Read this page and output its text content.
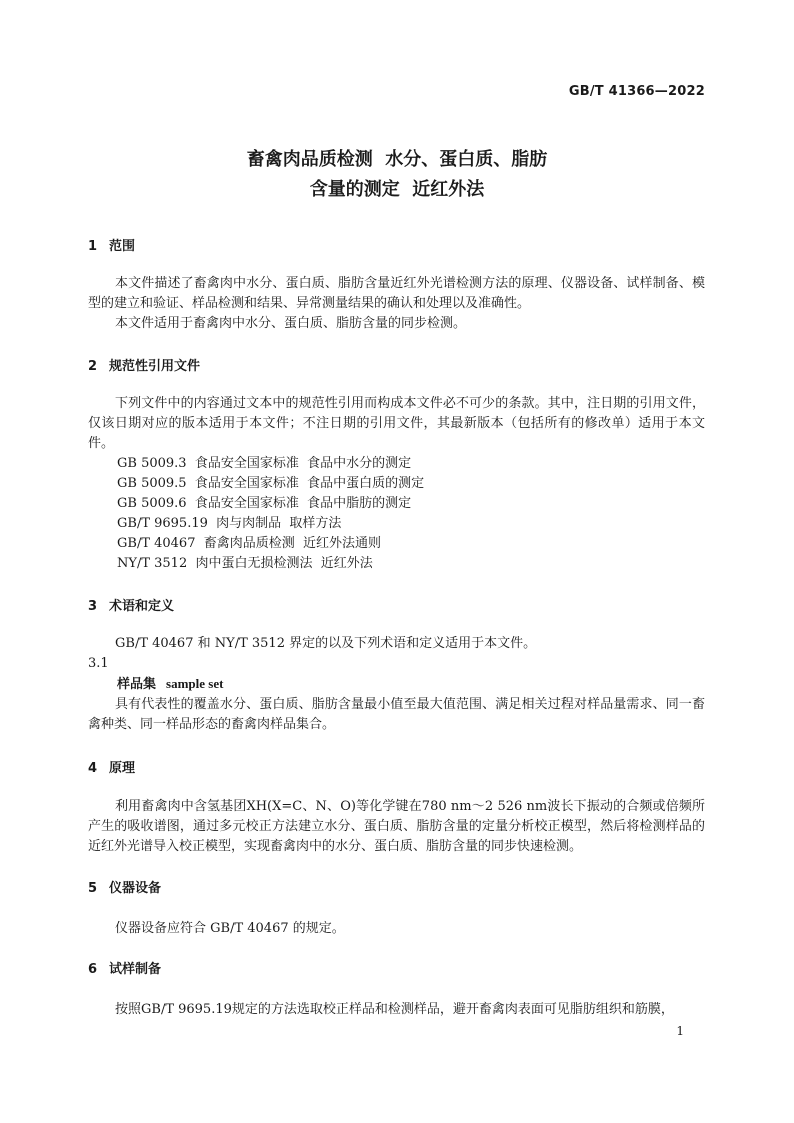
GB/T 41366—2022
畜禽肉品质检测  水分、蛋白质、脂肪
含量的测定  近红外法
1 范围

本文件描述了畜禽肉中水分、蛋白质、脂肪含量近红外光谱检测方法的原理、仪器设备、试样制备、模型的建立和验证、样品检测和结果、异常测量结果的确认和处理以及准确性。

本文件适用于畜禽肉中水分、蛋白质、脂肪含量的同步检测。

2 规范性引用文件

下列文件中的内容通过文本中的规范性引用而构成本文件必不可少的条款。其中，注日期的引用文件，仅该日期对应的版本适用于本文件；不注日期的引用文件，其最新版本（包括所有的修改单）适用于本文件。

GB 5009.3  食品安全国家标准  食品中水分的测定

GB 5009.5  食品安全国家标准  食品中蛋白质的测定

GB 5009.6  食品安全国家标准  食品中脂肪的测定

GB/T 9695.19  肉与肉制品  取样方法

GB/T 40467  畜禽肉品质检测  近红外法通则

NY/T 3512  肉中蛋白无损检测法  近红外法

3 术语和定义

GB/T 40467 和 NY/T 3512 界定的以及下列术语和定义适用于本文件。

3.1

样品集 sample set

具有代表性的覆盖水分、蛋白质、脂肪含量最小值至最大值范围、满足相关过程对样品量需求、同一畜禽种类、同一样品形态的畜禽肉样品集合。

4 原理

利用畜禽肉中含氢基团XH(X=C、N、O)等化学键在780 nm～2 526 nm波长下振动的合频或倍频所产生的吸收谱图，通过多元校正方法建立水分、蛋白质、脂肪含量的定量分析校正模型，然后将检测样品的近红外光谱导入校正模型，实现畜禽肉中的水分、蛋白质、脂肪含量的同步快速检测。

5 仪器设备

仪器设备应符合 GB/T 40467 的规定。

6 试样制备

按照GB/T 9695.19规定的方法选取校正样品和检测样品，避开畜禽肉表面可见脂肪组织和筋膜，

1
